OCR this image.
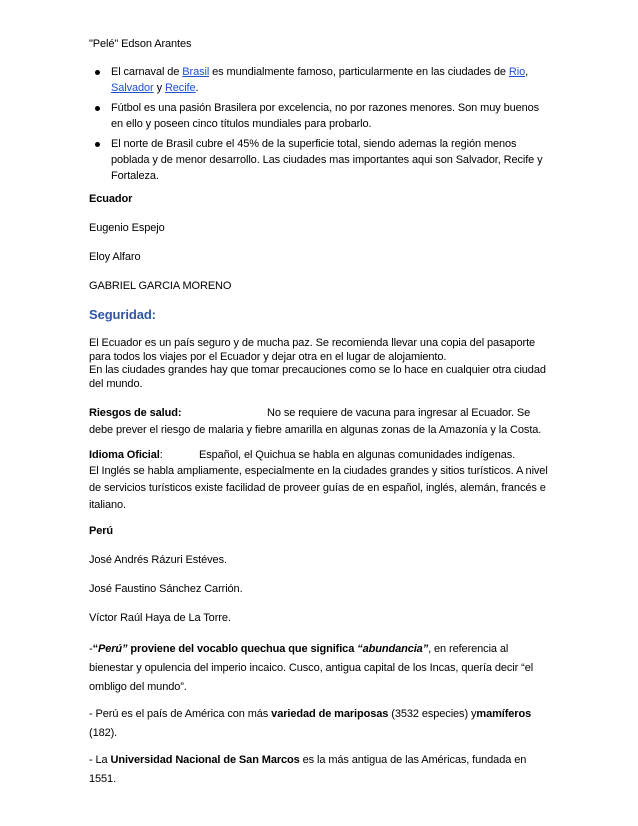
"Pelé" Edson Arantes

El carnaval de Brasil es mundialmente famoso, particularmente en las ciudades de Rio, Salvador y Recife.
Fútbol es una pasión Brasilera por excelencia, no por razones menores. Son muy buenos en ello y poseen cinco títulos mundiales para probarlo.
El norte de Brasil cubre el 45% de la superficie total, siendo ademas la región menos poblada y de menor desarrollo. Las ciudades mas importantes aqui son Salvador, Recife y Fortaleza.

Ecuador

Eugenio Espejo

Eloy Alfaro

GABRIEL GARCIA MORENO

Seguridad:

El Ecuador es un país seguro y de mucha paz. Se recomienda llevar una copia del pasaporte para todos los viajes por el Ecuador y dejar otra en el lugar de alojamiento.

En las ciudades grandes hay que tomar precauciones como se lo hace en cualquier otra ciudad del mundo.

Riesgos de salud:	No se requiere de vacuna para ingresar al Ecuador. Se debe prever el riesgo de malaria y fiebre amarilla en algunas zonas de la Amazonía y la Costa.

Idioma Oficial:	Español, el Quichua se habla en algunas comunidades indígenas.

El Inglés se habla ampliamente, especialmente en la ciudades grandes y sitios turísticos. A nivel de servicios turísticos existe facilidad de proveer guías de en español, inglés, alemán, francés e italiano.

Perú

José Andrés Rázuri Estéves.

José Faustino Sánchez Carrión.

Víctor Raúl Haya de La Torre.

-“Perú” proviene del vocablo quechua que significa “abundancia”, en referencia al bienestar y opulencia del imperio incaico. Cusco, antigua capital de los Incas, quería decir “el ombligo del mundo”.

- Perú es el país de América con más variedad de mariposas (3532 especies) ymamíferos (182).

- La Universidad Nacional de San Marcos es la más antigua de las Américas, fundada en 1551.
